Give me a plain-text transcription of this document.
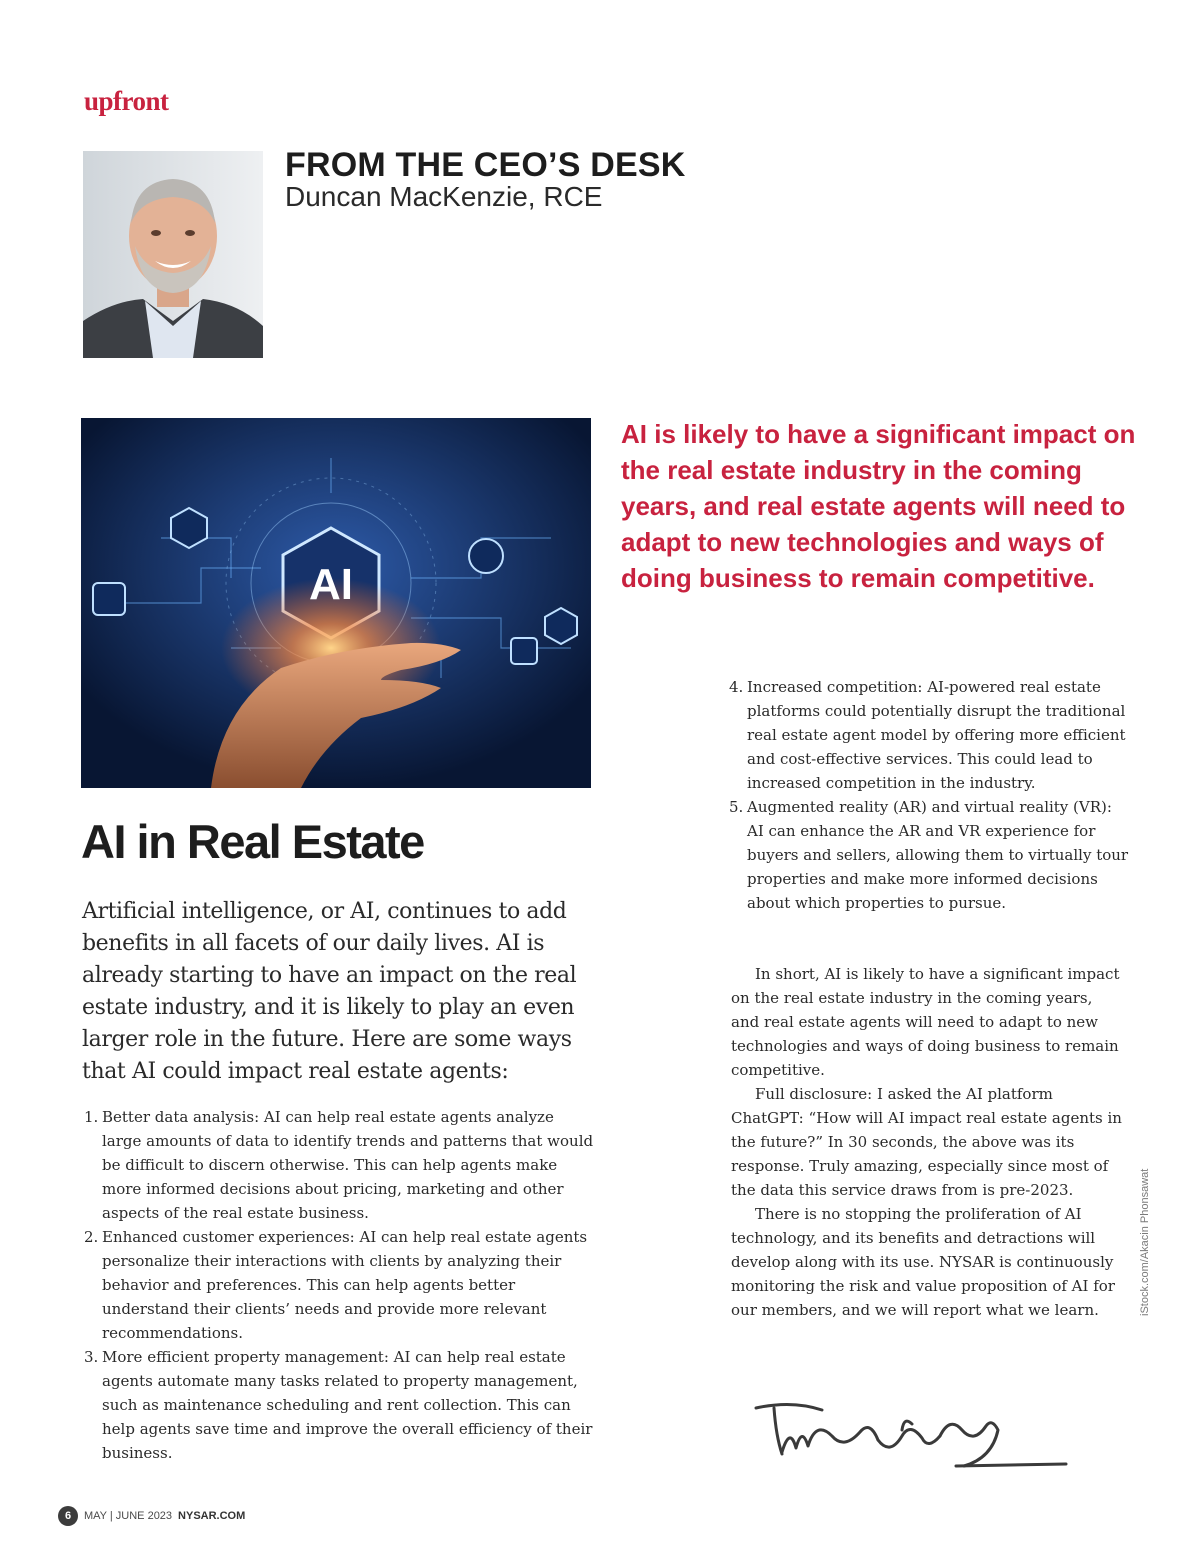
upfront
FROM THE CEO’S DESK
Duncan MacKenzie, RCE
AI
AI is likely to have a significant impact on the real estate industry in the coming years, and real estate agents will need to adapt to new technologies and ways of doing business to remain competitive.
AI in Real Estate

Artificial intelligence, or AI, continues to add benefits in all facets of our daily lives. AI is already starting to have an impact on the real estate industry, and it is likely to play an even larger role in the future. Here are some ways that AI could impact real estate agents:

1. Better data analysis: AI can help real estate agents analyze large amounts of data to identify trends and patterns that would be difficult to discern otherwise. This can help agents make more informed decisions about pricing, marketing and other aspects of the real estate business.
2. Enhanced customer experiences: AI can help real estate agents personalize their interactions with clients by analyzing their behavior and preferences. This can help agents better understand their clients’ needs and provide more relevant recommendations.
3. More efficient property management: AI can help real estate agents automate many tasks related to property management, such as maintenance scheduling and rent collection. This can help agents save time and improve the overall efficiency of their business.
4. Increased competition: AI-powered real estate platforms could potentially disrupt the traditional real estate agent model by offering more efficient and cost-effective services. This could lead to increased competition in the industry.
5. Augmented reality (AR) and virtual reality (VR): AI can enhance the AR and VR experience for buyers and sellers, allowing them to virtually tour properties and make more informed decisions about which properties to pursue.

In short, AI is likely to have a significant impact on the real estate industry in the coming years, and real estate agents will need to adapt to new technologies and ways of doing business to remain competitive.

Full disclosure: I asked the AI platform ChatGPT: “How will AI impact real estate agents in the future?” In 30 seconds, the above was its response. Truly amazing, especially since most of the data this service draws from is pre-2023.

There is no stopping the proliferation of AI technology, and its benefits and detractions will develop along with its use. NYSAR is continuously monitoring the risk and value proposition of AI for our members, and we will report what we learn.	iStock.com/Akacin Phonsawat
6	MAY | JUNE 2023 NYSAR.COM
